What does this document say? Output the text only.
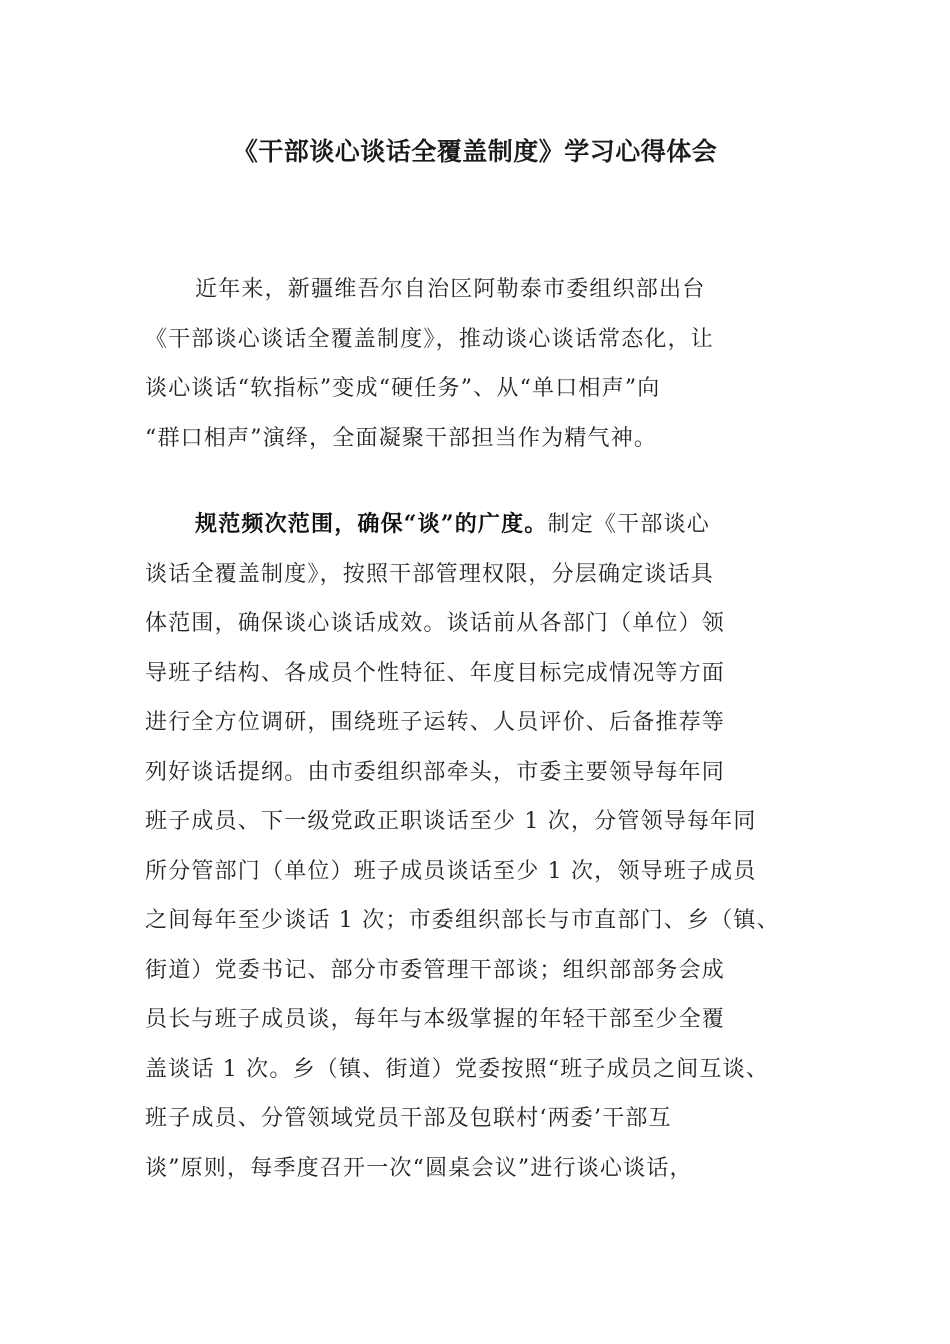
《干部谈心谈话全覆盖制度》学习心得体会
近年来，新疆维吾尔自治区阿勒泰市委组织部出台
《干部谈心谈话全覆盖制度》，推动谈心谈话常态化，让
谈心谈话“软指标”变成“硬任务”、从“单口相声”向
“群口相声”演绎，全面凝聚干部担当作为精气神。
规范频次范围，确保“谈”的广度。制定《干部谈心
谈话全覆盖制度》，按照干部管理权限，分层确定谈话具
体范围，确保谈心谈话成效。谈话前从各部门（单位）领
导班子结构、各成员个性特征、年度目标完成情况等方面
进行全方位调研，围绕班子运转、人员评价、后备推荐等
列好谈话提纲。由市委组织部牵头，市委主要领导每年同
班子成员、下一级党政正职谈话至少 1 次，分管领导每年同
所分管部门（单位）班子成员谈话至少 1 次，领导班子成员
之间每年至少谈话 1 次；市委组织部长与市直部门、乡（镇、
街道）党委书记、部分市委管理干部谈；组织部部务会成
员长与班子成员谈，每年与本级掌握的年轻干部至少全覆
盖谈话 1 次。乡（镇、街道）党委按照“班子成员之间互谈、
班子成员、分管领域党员干部及包联村‘两委’干部互
谈”原则，每季度召开一次“圆桌会议”进行谈心谈话，
